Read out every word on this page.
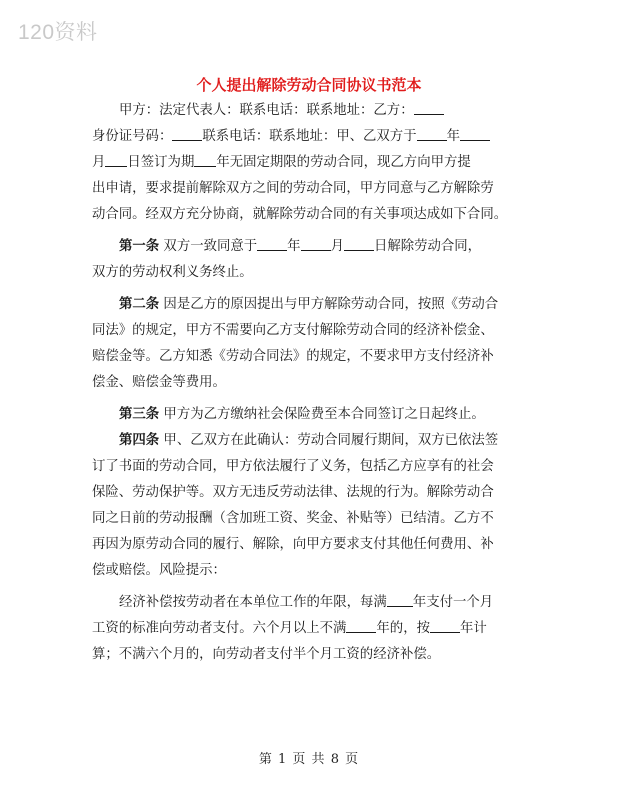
120资料
个人提出解除劳动合同协议书范本
甲方：法定代表人：联系电话：联系地址：乙方：
身份证号码： 联系电话：联系地址：甲、乙双方于 年
月 日签订为期 年无固定期限的劳动合同，现乙方向甲方提
出申请，要求提前解除双方之间的劳动合同，甲方同意与乙方解除劳
动合同。经双方充分协商，就解除劳动合同的有关事项达成如下合同。
第一条 双方一致同意于 年 月 日解除劳动合同，
双方的劳动权利义务终止。
第二条 因是乙方的原因提出与甲方解除劳动合同，按照《劳动合
同法》的规定，甲方不需要向乙方支付解除劳动合同的经济补偿金、
赔偿金等。乙方知悉《劳动合同法》的规定，不要求甲方支付经济补
偿金、赔偿金等费用。
第三条 甲方为乙方缴纳社会保险费至本合同签订之日起终止。
第四条 甲、乙双方在此确认：劳动合同履行期间，双方已依法签
订了书面的劳动合同，甲方依法履行了义务，包括乙方应享有的社会
保险、劳动保护等。双方无违反劳动法律、法规的行为。解除劳动合
同之日前的劳动报酬（含加班工资、奖金、补贴等）已结清。乙方不
再因为原劳动合同的履行、解除，向甲方要求支付其他任何费用、补
偿或赔偿。风险提示：
经济补偿按劳动者在本单位工作的年限，每满 年支付一个月
工资的标准向劳动者支付。六个月以上不满 年的，按 年计
算；不满六个月的，向劳动者支付半个月工资的经济补偿。
第 1 页 共 8 页
